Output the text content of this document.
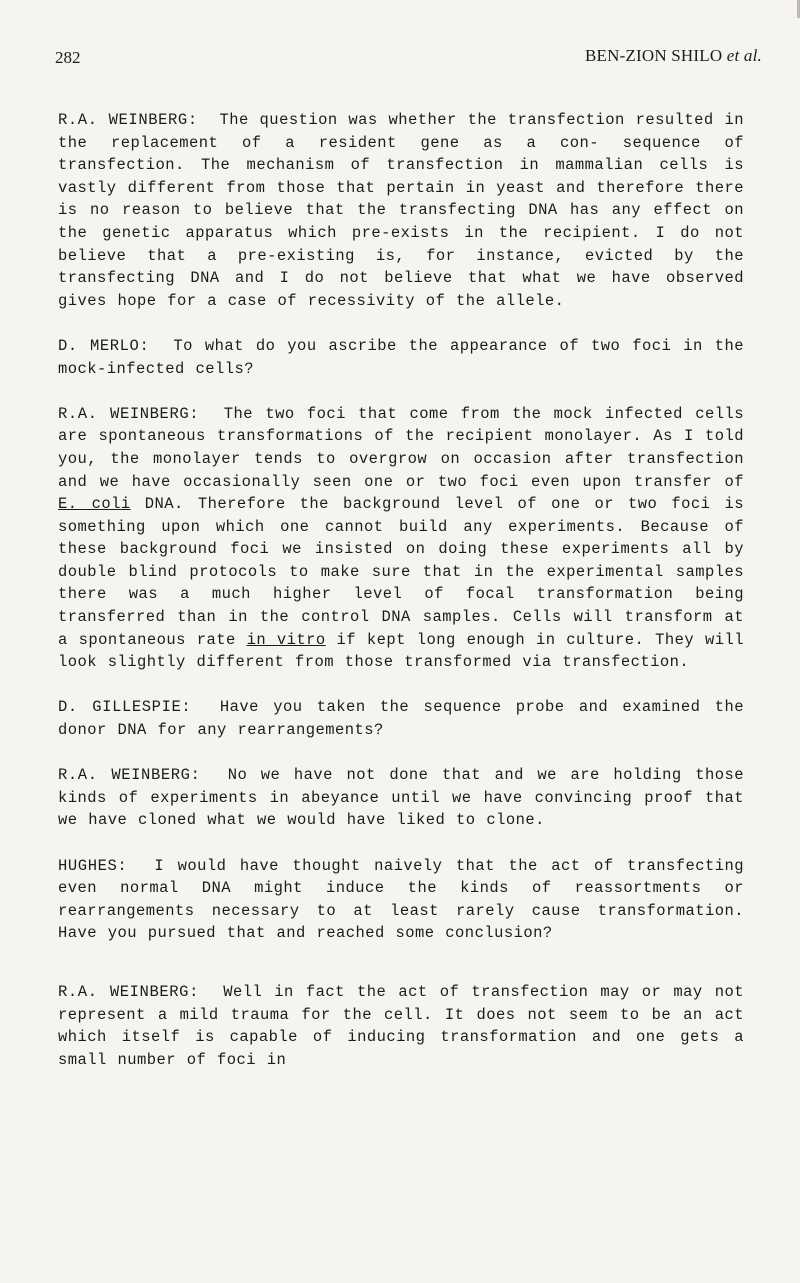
282	BEN-ZION SHILO et al.

R.A. WEINBERG: The question was whether the transfection resulted in the replacement of a resident gene as a con- sequence of transfection. The mechanism of transfection in mammalian cells is vastly different from those that pertain in yeast and therefore there is no reason to believe that the transfecting DNA has any effect on the genetic apparatus which pre-exists in the recipient. I do not believe that a pre-existing is, for instance, evicted by the transfecting DNA and I do not believe that what we have observed gives hope for a case of recessivity of the allele.

D. MERLO: To what do you ascribe the appearance of two foci in the mock-infected cells?

R.A. WEINBERG: The two foci that come from the mock infected cells are spontaneous transformations of the recipient monolayer. As I told you, the monolayer tends to overgrow on occasion after transfection and we have occasionally seen one or two foci even upon transfer of E. coli DNA. Therefore the background level of one or two foci is something upon which one cannot build any experiments. Because of these background foci we insisted on doing these experiments all by double blind protocols to make sure that in the experimental samples there was a much higher level of focal transformation being transferred than in the control DNA samples. Cells will transform at a spontaneous rate in vitro if kept long enough in culture. They will look slightly different from those transformed via transfection.

D. GILLESPIE: Have you taken the sequence probe and examined the donor DNA for any rearrangements?

R.A. WEINBERG: No we have not done that and we are holding those kinds of experiments in abeyance until we have convincing proof that we have cloned what we would have liked to clone.

HUGHES: I would have thought naively that the act of transfecting even normal DNA might induce the kinds of reassortments or rearrangements necessary to at least rarely cause transformation. Have you pursued that and reached some conclusion?

R.A. WEINBERG: Well in fact the act of transfection may or may not represent a mild trauma for the cell. It does not seem to be an act which itself is capable of inducing transformation and one gets a small number of foci in
